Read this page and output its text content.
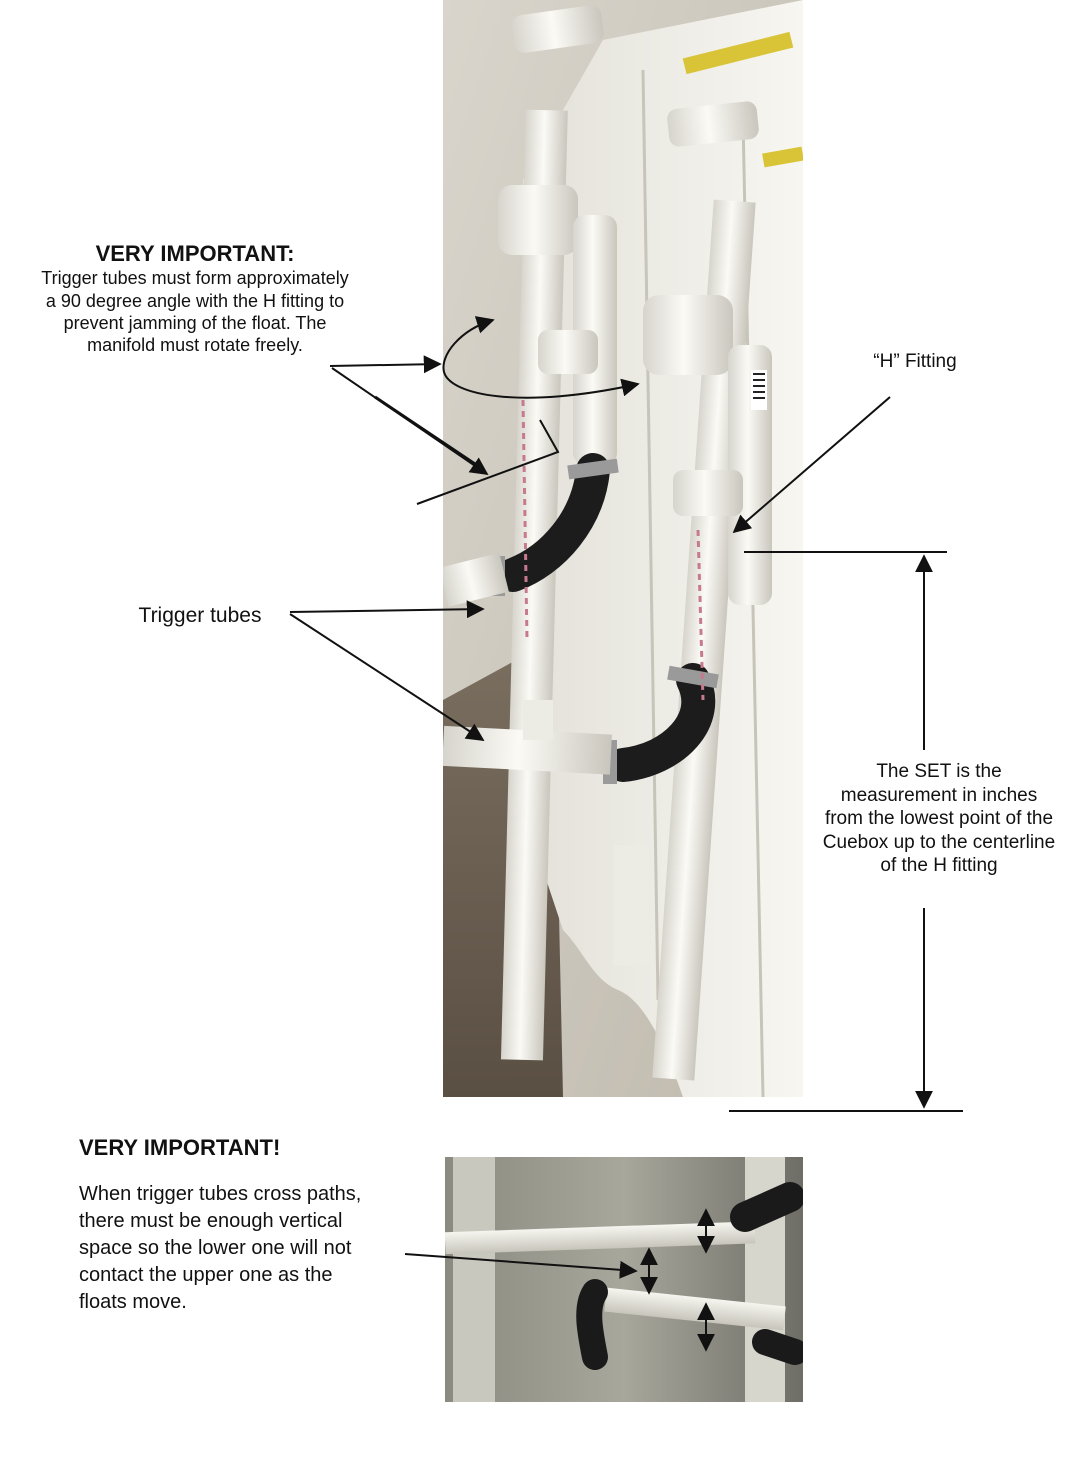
VERY IMPORTANT:
Trigger tubes must form approximately
a 90 degree angle with the H fitting to
prevent jamming of the float. The
manifold must rotate freely.
Trigger tubes
“H” Fitting
The SET is the
measurement in inches
from the lowest point of the
Cuebox up to the centerline
of the H fitting
VERY IMPORTANT!
When trigger tubes cross paths,
there must be enough vertical
space so the lower one will not
contact the upper one as the
floats move.
